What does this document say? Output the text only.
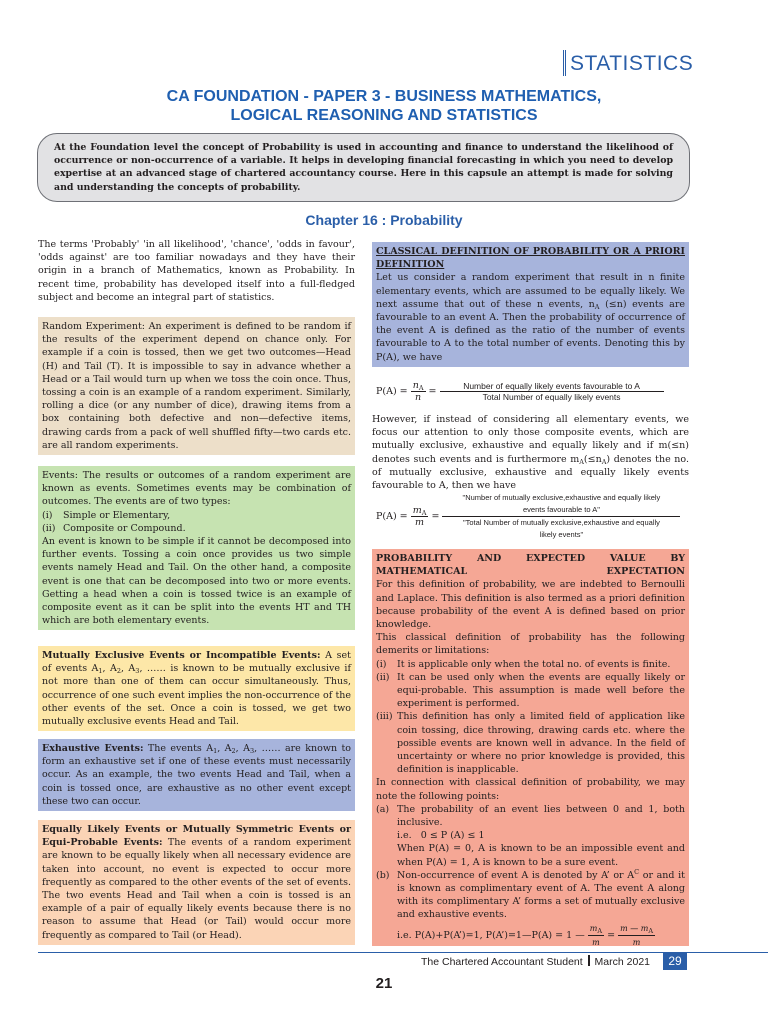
STATISTICS
CA FOUNDATION - PAPER 3 - BUSINESS MATHEMATICS,
LOGICAL REASONING AND STATISTICS
At the Foundation level the concept of Probability is used in accounting and finance to understand the likelihood of occurrence or non-occurrence of a variable. It helps in developing financial forecasting in which you need to develop expertise at an advanced stage of chartered accountancy course. Here in this capsule an attempt is made for solving and understanding the concepts of probability.
Chapter 16 : Probability
The terms 'Probably' 'in all likelihood', 'chance', 'odds in favour', 'odds against' are too familiar nowadays and they have their origin in a branch of Mathematics, known as Probability. In recent time, probability has developed itself into a full-fledged subject and become an integral part of statistics.
Random Experiment: An experiment is defined to be random if the results of the experiment depend on chance only. For example if a coin is tossed, then we get two outcomes—Head (H) and Tail (T). It is impossible to say in advance whether a Head or a Tail would turn up when we toss the coin once. Thus, tossing a coin is an example of a random experiment. Similarly, rolling a dice (or any number of dice), drawing items from a box containing both defective and non—defective items, drawing cards from a pack of well shuffled fifty—two cards etc. are all random experiments.
Events: The results or outcomes of a random experiment are known as events. Sometimes events may be combination of outcomes. The events are of two types:
(i)	Simple or Elementary,
(ii) Composite or Compound.
An event is known to be simple if it cannot be decomposed into further events. Tossing a coin once provides us two simple events namely Head and Tail. On the other hand, a composite event is one that can be decomposed into two or more events. Getting a head when a coin is tossed twice is an example of composite event as it can be split into the events HT and TH which are both elementary events.
Mutually Exclusive Events or Incompatible Events: A set of events $A_1$, $A_2$, $A_3$, …… is known to be mutually exclusive if not more than one of them can occur simultaneously. Thus, occurrence of one such event implies the non-occurrence of the other events of the set. Once a coin is tossed, we get two mutually exclusive events Head and Tail.
Exhaustive Events: The events $A_1$, $A_2$, $A_3$, …… are known to form an exhaustive set if one of these events must necessarily occur. As an example, the two events Head and Tail, when a coin is tossed once, are exhaustive as no other event except these two can occur.
Equally Likely Events or Mutually Symmetric Events or Equi-Probable Events: The events of a random experiment are known to be equally likely when all necessary evidence are taken into account, no event is expected to occur more frequently as compared to the other events of the set of events. The two events Head and Tail when a coin is tossed is an example of a pair of equally likely events because there is no reason to assume that Head (or Tail) would occur more frequently as compared to Tail (or Head).
CLASSICAL DEFINITION OF PROBABILITY OR A PRIORI DEFINITION
Let us consider a random experiment that result in n finite elementary events, which are assumed to be equally likely. We next assume that out of these n events, $n_A$ (≤n) events are favourable to an event A. Then the probability of occurrence of the event A is defined as the ratio of the number of events favourable to A to the total number of events. Denoting this by P(A), we have
$P(A) = \frac{n_A}{n} = \frac{\text{Number of equally likely events favourable to A}}{\text{Total Number of equally likely events}}$
However, if instead of considering all elementary events, we focus our attention to only those composite events, which are mutually exclusive, exhaustive and equally likely and if m(≤n) denotes such events and is furthermore $m_A(\le n_A)$ denotes the no. of mutually exclusive, exhaustive and equally likely events favourable to A, then we have
$P(A) = \frac{m_A}{m}$ =
"Number of mutually exclusive,exhaustive and equally likely
events favourable to A"
"Total Number of mutually exclusive,exhaustive and equally
likely events"
PROBABILITY AND EXPECTED VALUE BY MATHEMATICAL EXPECTATION
For this definition of probability, we are indebted to Bernoulli and Laplace. This definition is also termed as a priori definition because probability of the event A is defined based on prior knowledge.
This classical definition of probability has the following demerits or limitations:
(i)	It is applicable only when the total no. of events is finite.
(ii) It can be used only when the events are equally likely or equi-probable. This assumption is made well before the experiment is performed.
(iii) This definition has only a limited field of application like coin tossing, dice throwing, drawing cards etc. where the possible events are known well in advance. In the field of uncertainty or where no prior knowledge is provided, this definition is inapplicable.
In connection with classical definition of probability, we may note the following points:
(a) The probability of an event lies between 0 and 1, both inclusive.
i.e.   0 ≤ P (A) ≤ 1
When P(A) = 0, A is known to be an impossible event and when P(A) = 1, A is known to be a sure event.
(b) Non-occurrence of event A is denoted by A’ or $A^C$ or and it is known as complimentary event of A. The event A along with its complimentary A’ forms a set of mutually exclusive and exhaustive events.
i.e. P(A)+P(A’)=1, P(A’)=1—P(A) = 1 — $\frac{m_A}{m} = \frac{m — m_A}{m}$
The Chartered Accountant Student March 2021	29
21
